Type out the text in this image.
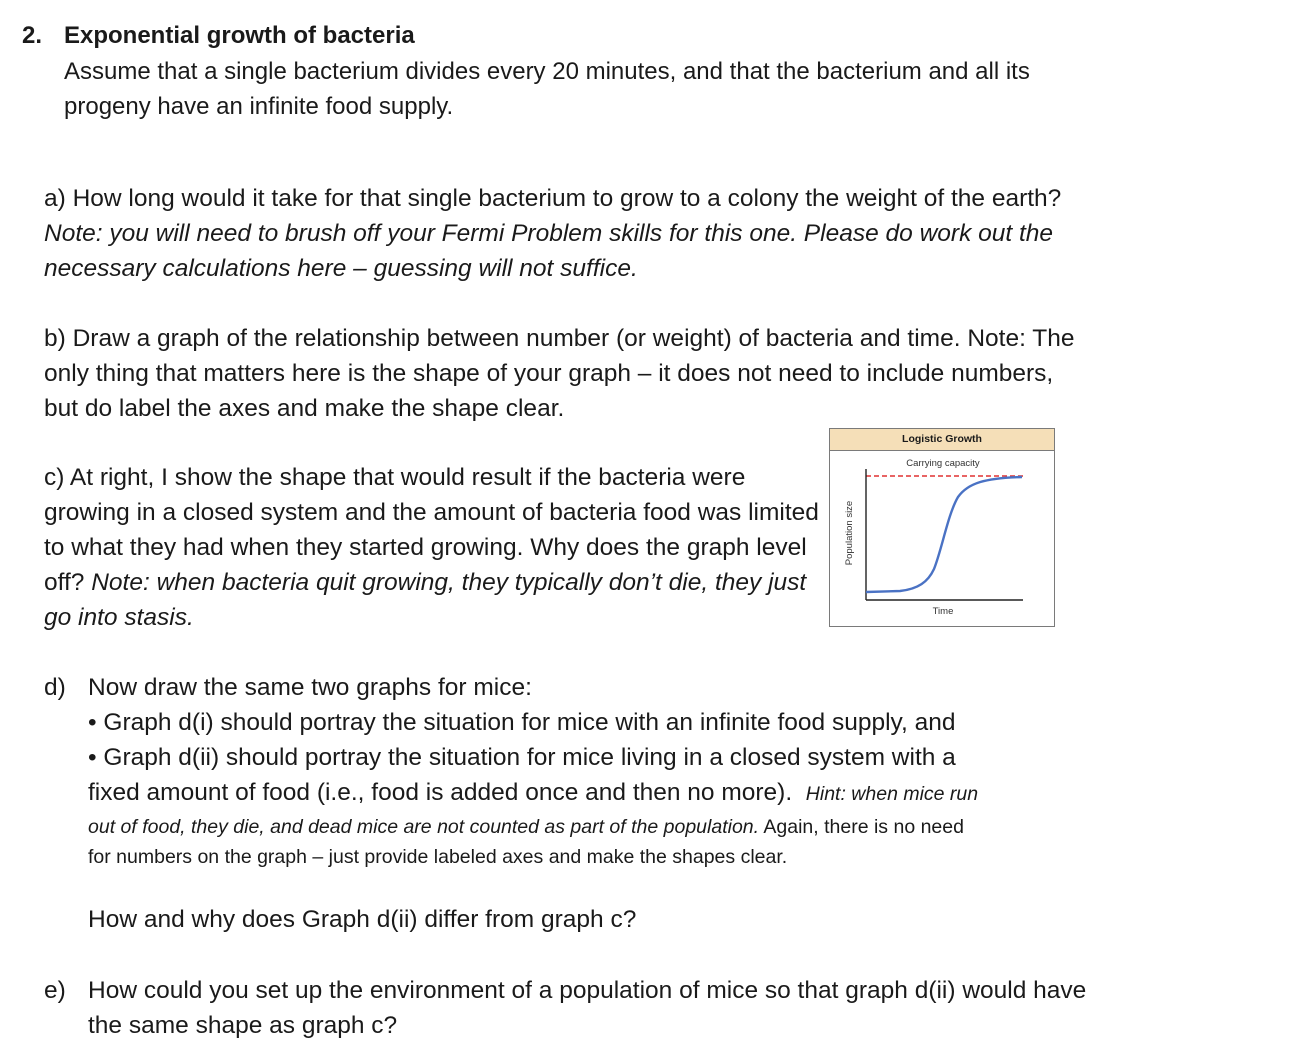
2. Exponential growth of bacteria

Assume that a single bacterium divides every 20 minutes, and that the bacterium and all its progeny have an infinite food supply.

a) How long would it take for that single bacterium to grow to a colony the weight of the earth? Note: you will need to brush off your Fermi Problem skills for this one. Please do work out the necessary calculations here – guessing will not suffice.

b) Draw a graph of the relationship between number (or weight) of bacteria and time. Note: The only thing that matters here is the shape of your graph – it does not need to include numbers, but do label the axes and make the shape clear.

c) At right, I show the shape that would result if the bacteria were growing in a closed system and the amount of bacteria food was limited to what they had when they started growing. Why does the graph level off? Note: when bacteria quit growing, they typically don’t die, they just go into stasis.

Logistic Growth
Carrying capacity
Time
Population size
d) Now draw the same two graphs for mice:
• Graph d(i) should portray the situation for mice with an infinite food supply, and
• Graph d(ii) should portray the situation for mice living in a closed system with a
fixed amount of food (i.e., food is added once and then no more). Hint: when mice run
out of food, they die, and dead mice are not counted as part of the population. Again, there is no need
for numbers on the graph – just provide labeled axes and make the shapes clear.
How and why does Graph d(ii) differ from graph c?
e) How could you set up the environment of a population of mice so that graph d(ii) would have the same shape as graph c?
